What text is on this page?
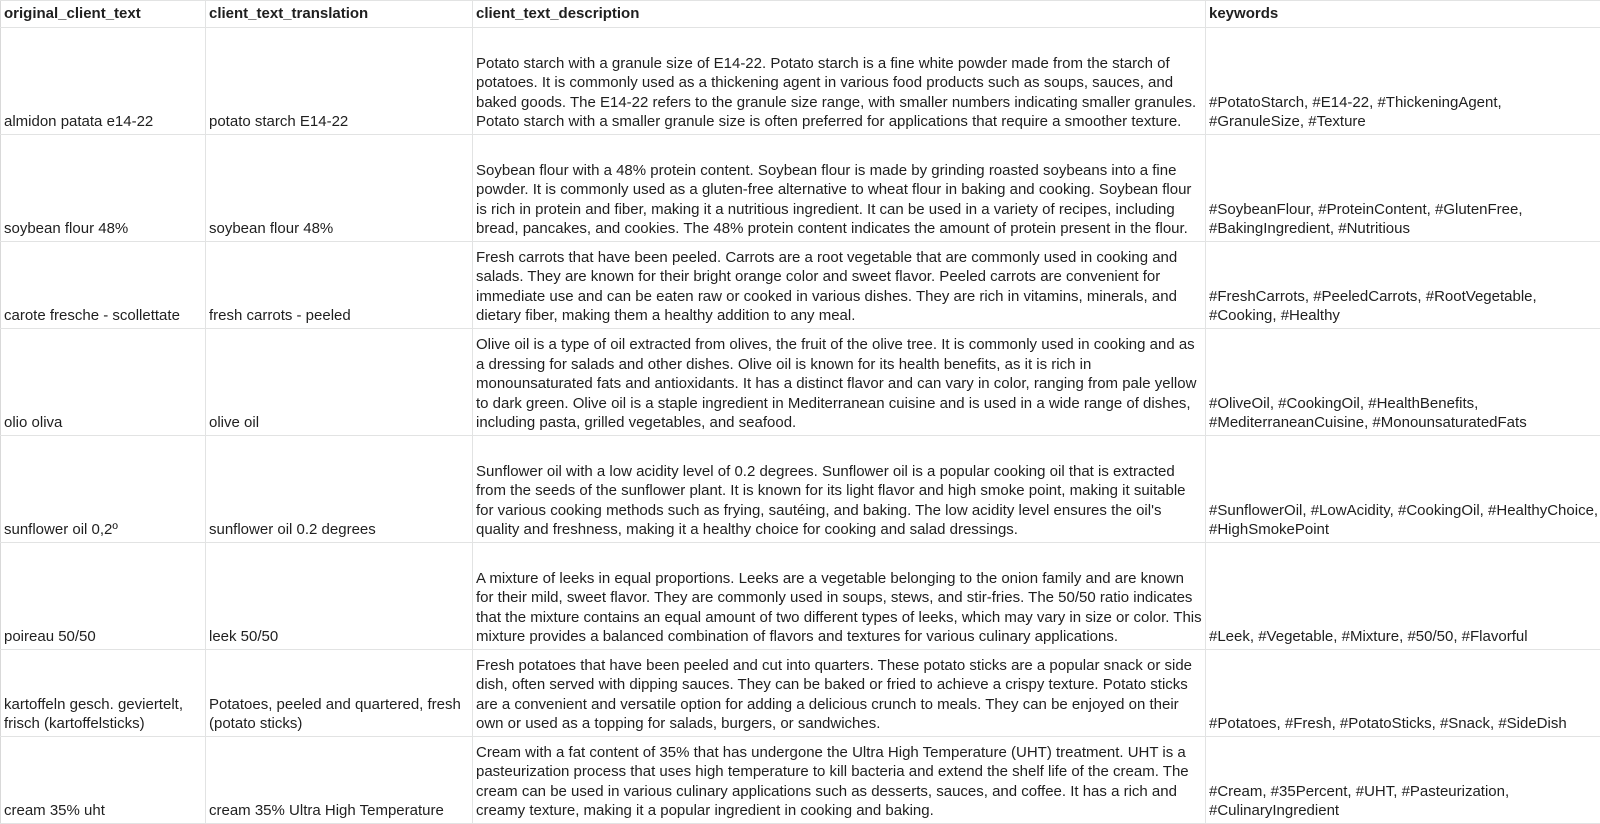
original_client_text	client_text_translation	client_text_description	keywords
almidon patata e14-22	potato starch E14-22	Potato starch with a granule size of E14-22. Potato starch is a fine white powder made from the starch of potatoes. It is commonly used as a thickening agent in various food products such as soups, sauces, and baked goods. The E14-22 refers to the granule size range, with smaller numbers indicating smaller granules. Potato starch with a smaller granule size is often preferred for applications that require a smoother texture.	#PotatoStarch, #E14-22, #ThickeningAgent, #GranuleSize, #Texture
soybean flour 48%	soybean flour 48%	Soybean flour with a 48% protein content. Soybean flour is made by grinding roasted soybeans into a fine powder. It is commonly used as a gluten-free alternative to wheat flour in baking and cooking. Soybean flour is rich in protein and fiber, making it a nutritious ingredient. It can be used in a variety of recipes, including bread, pancakes, and cookies. The 48% protein content indicates the amount of protein present in the flour.	#SoybeanFlour, #ProteinContent, #GlutenFree, #BakingIngredient, #Nutritious
carote fresche - scollettate	fresh carrots - peeled	Fresh carrots that have been peeled. Carrots are a root vegetable that are commonly used in cooking and salads. They are known for their bright orange color and sweet flavor. Peeled carrots are convenient for immediate use and can be eaten raw or cooked in various dishes. They are rich in vitamins, minerals, and dietary fiber, making them a healthy addition to any meal.	#FreshCarrots, #PeeledCarrots, #RootVegetable, #Cooking, #Healthy
olio oliva	olive oil	Olive oil is a type of oil extracted from olives, the fruit of the olive tree. It is commonly used in cooking and as a dressing for salads and other dishes. Olive oil is known for its health benefits, as it is rich in monounsaturated fats and antioxidants. It has a distinct flavor and can vary in color, ranging from pale yellow to dark green. Olive oil is a staple ingredient in Mediterranean cuisine and is used in a wide range of dishes, including pasta, grilled vegetables, and seafood.	#OliveOil, #CookingOil, #HealthBenefits, #MediterraneanCuisine, #MonounsaturatedFats
sunflower oil 0,2º	sunflower oil 0.2 degrees	Sunflower oil with a low acidity level of 0.2 degrees. Sunflower oil is a popular cooking oil that is extracted from the seeds of the sunflower plant. It is known for its light flavor and high smoke point, making it suitable for various cooking methods such as frying, sautéing, and baking. The low acidity level ensures the oil's quality and freshness, making it a healthy choice for cooking and salad dressings.	#SunflowerOil, #LowAcidity, #CookingOil, #HealthyChoice, #HighSmokePoint
poireau 50/50	leek 50/50	A mixture of leeks in equal proportions. Leeks are a vegetable belonging to the onion family and are known for their mild, sweet flavor. They are commonly used in soups, stews, and stir-fries. The 50/50 ratio indicates that the mixture contains an equal amount of two different types of leeks, which may vary in size or color. This mixture provides a balanced combination of flavors and textures for various culinary applications.	#Leek, #Vegetable, #Mixture, #50/50, #Flavorful
kartoffeln gesch. geviertelt, frisch (kartoffelsticks)	Potatoes, peeled and quartered, fresh (potato sticks)	Fresh potatoes that have been peeled and cut into quarters. These potato sticks are a popular snack or side dish, often served with dipping sauces. They can be baked or fried to achieve a crispy texture. Potato sticks are a convenient and versatile option for adding a delicious crunch to meals. They can be enjoyed on their own or used as a topping for salads, burgers, or sandwiches.	#Potatoes, #Fresh, #PotatoSticks, #Snack, #SideDish
cream 35% uht	cream 35% Ultra High Temperature	Cream with a fat content of 35% that has undergone the Ultra High Temperature (UHT) treatment. UHT is a pasteurization process that uses high temperature to kill bacteria and extend the shelf life of the cream. The cream can be used in various culinary applications such as desserts, sauces, and coffee. It has a rich and creamy texture, making it a popular ingredient in cooking and baking.	#Cream, #35Percent, #UHT, #Pasteurization, #CulinaryIngredient
